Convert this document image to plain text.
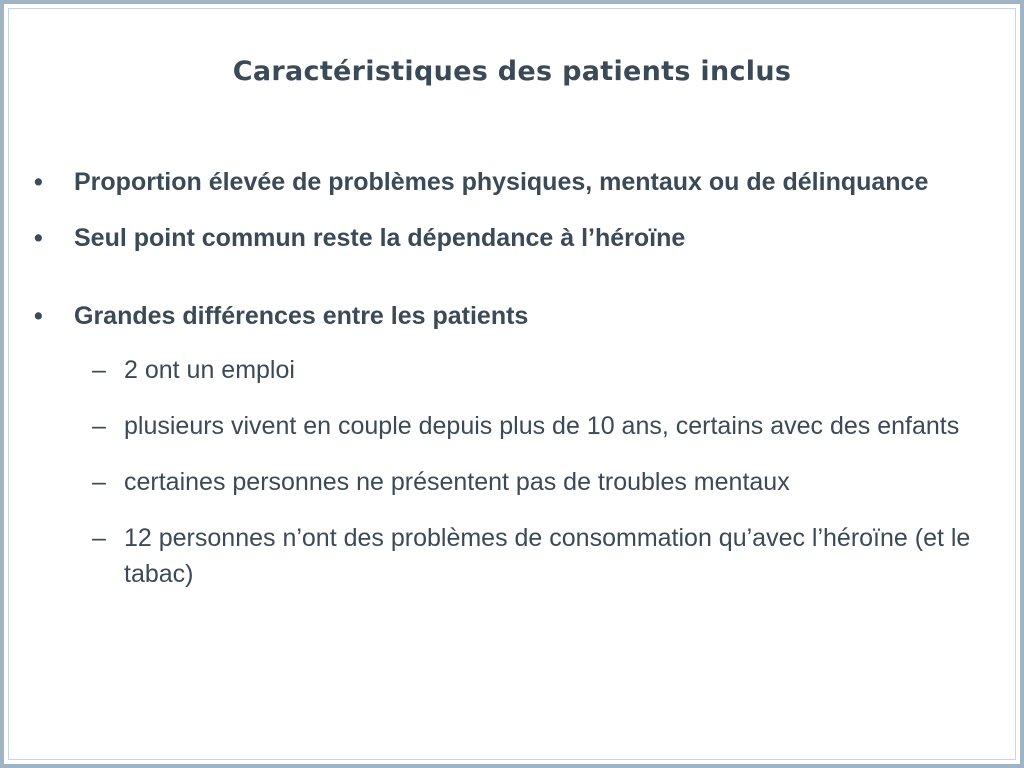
Caractéristiques des patients inclus
• Proportion élevée de problèmes physiques, mentaux ou de délinquance
• Seul point commun reste la dépendance à l’héroïne
• Grandes différences entre les patients
– 2 ont un emploi
– plusieurs vivent en couple depuis plus de 10 ans, certains avec des enfants
– certaines personnes ne présentent pas de troubles mentaux
– 12 personnes n’ont des problèmes de consommation qu’avec l’héroïne (et le tabac)
